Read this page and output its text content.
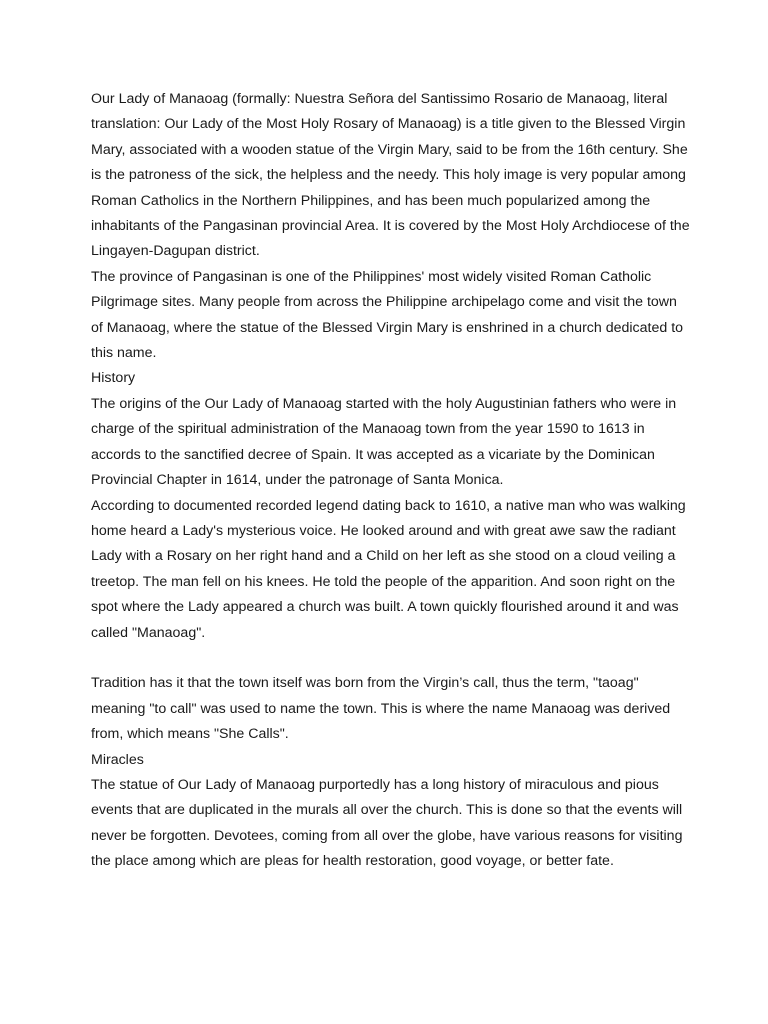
Our Lady of Manaoag (formally: Nuestra Señora del Santissimo Rosario de Manaoag, literal translation: Our Lady of the Most Holy Rosary of Manaoag) is a title given to the Blessed Virgin Mary, associated with a wooden statue of the Virgin Mary, said to be from the 16th century. She is the patroness of the sick, the helpless and the needy. This holy image is very popular among Roman Catholics in the Northern Philippines, and has been much popularized among the inhabitants of the Pangasinan provincial Area. It is covered by the Most Holy Archdiocese of the Lingayen-Dagupan district.

The province of Pangasinan is one of the Philippines' most widely visited Roman Catholic Pilgrimage sites. Many people from across the Philippine archipelago come and visit the town of Manaoag, where the statue of the Blessed Virgin Mary is enshrined in a church dedicated to this name.

History

The origins of the Our Lady of Manaoag started with the holy Augustinian fathers who were in charge of the spiritual administration of the Manaoag town from the year 1590 to 1613 in accords to the sanctified decree of Spain. It was accepted as a vicariate by the Dominican Provincial Chapter in 1614, under the patronage of Santa Monica.

According to documented recorded legend dating back to 1610, a native man who was walking home heard a Lady's mysterious voice. He looked around and with great awe saw the radiant Lady with a Rosary on her right hand and a Child on her left as she stood on a cloud veiling a treetop. The man fell on his knees. He told the people of the apparition. And soon right on the spot where the Lady appeared a church was built. A town quickly flourished around it and was called "Manaoag".

Tradition has it that the town itself was born from the Virgin’s call, thus the term, "taoag" meaning "to call" was used to name the town. This is where the name Manaoag was derived from, which means "She Calls".

Miracles

The statue of Our Lady of Manaoag purportedly has a long history of miraculous and pious events that are duplicated in the murals all over the church. This is done so that the events will never be forgotten. Devotees, coming from all over the globe, have various reasons for visiting the place among which are pleas for health restoration, good voyage, or better fate.
